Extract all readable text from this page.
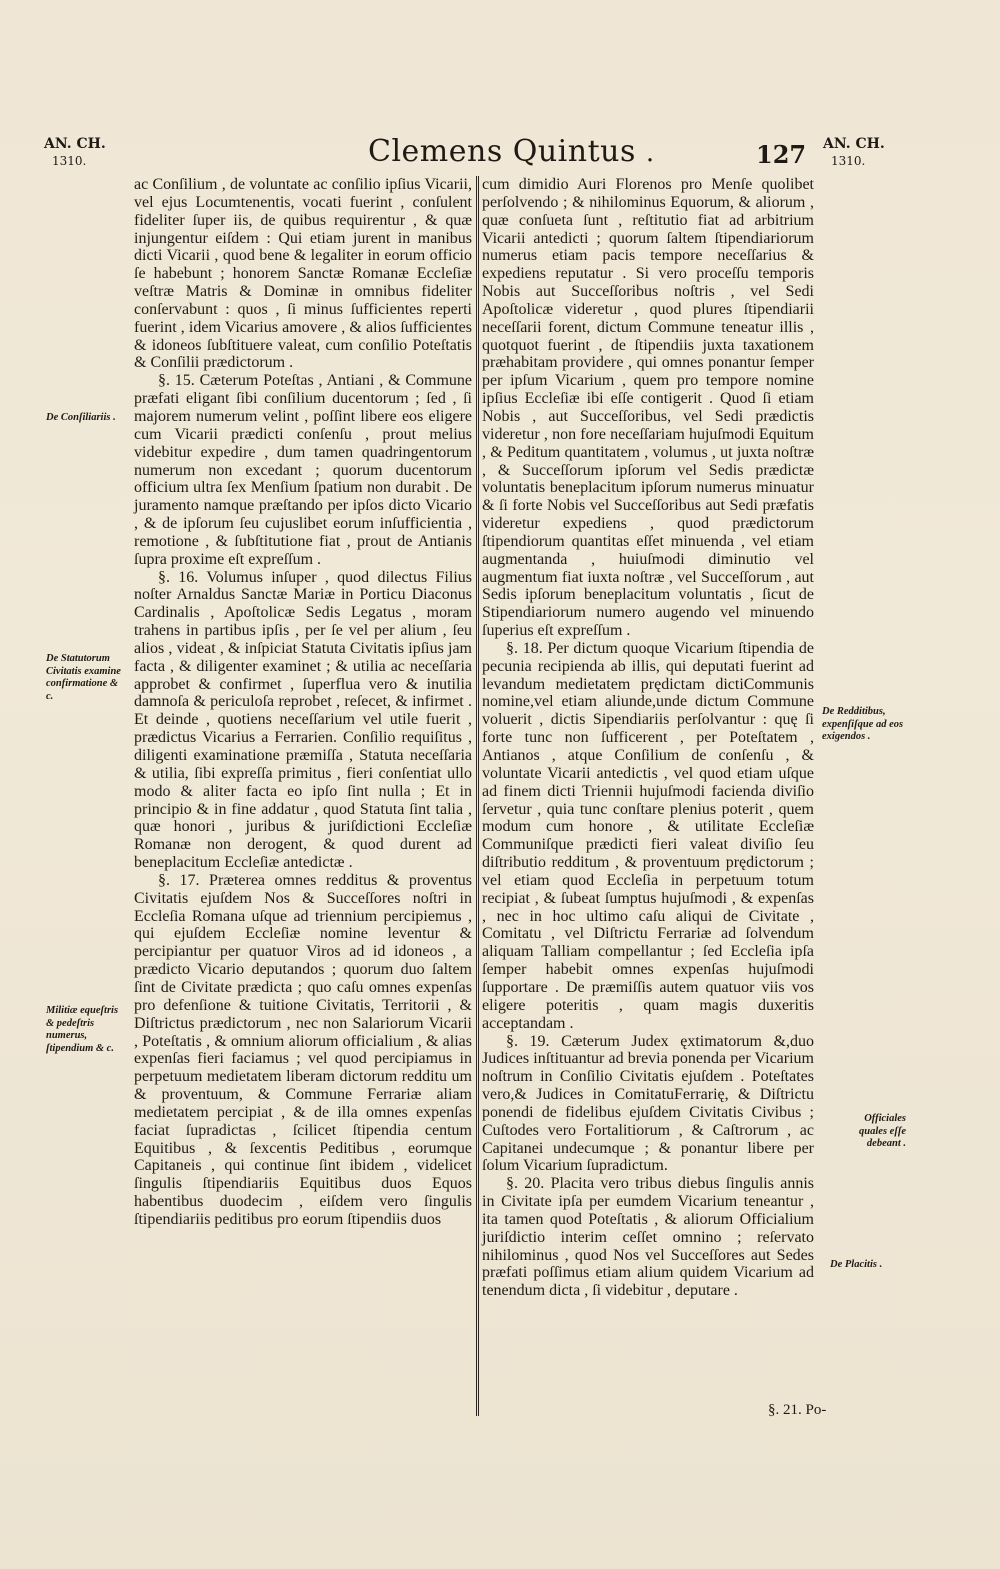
AN. CH.
1310.	Clemens Quintus .	127 AN. CH.
1310.
De Conſiliariis .
De Statutorum Civitatis examine confirmatione & c.
Militiæ equeſtris & pedeſtris numerus, ſtipendium & c.

ac Conſilium , de voluntate ac conſilio ipſius Vicarii, vel ejus Locumtenentis, vocati fuerint , conſulent fideliter ſuper iis, de quibus requirentur , & quæ injungentur eiſdem : Qui etiam jurent in manibus dicti Vicarii , quod bene & legaliter in eorum officio ſe habebunt ; honorem Sanctæ Romanæ Eccleſiæ veſtræ Matris & Dominæ in omnibus fideliter conſervabunt : quos , ſi minus ſufficientes reperti fuerint , idem Vicarius amovere , & alios ſufficientes & idoneos ſubſtituere valeat, cum conſilio Poteſtatis & Conſilii prædictorum .

§. 15. Cæterum Poteſtas , Antiani , & Commune præfati eligant ſibi conſilium ducentorum ; ſed , ſi majorem numerum velint , poſſint libere eos eligere cum Vicarii prædicti conſenſu , prout melius videbitur expedire , dum tamen quadringentorum numerum non excedant ; quorum ducentorum officium ultra ſex Menſium ſpatium non durabit . De juramento namque præſtando per ipſos dicto Vicario , & de ipſorum ſeu cujuslibet eorum inſufficientia , remotione , & ſubſtitutione fiat , prout de Antianis ſupra proxime eſt expreſſum .

§. 16. Volumus inſuper , quod dilectus Filius noſter Arnaldus Sanctæ Mariæ in Porticu Diaconus Cardinalis , Apoſtolicæ Sedis Legatus , moram trahens in partibus ipſis , per ſe vel per alium , ſeu alios , videat , & inſpiciat Statuta Civitatis ipſius jam facta , & diligenter examinet ; & utilia ac neceſſaria approbet & confirmet , ſuperflua vero & inutilia damnoſa & periculoſa reprobet , reſecet, & infirmet . Et deinde , quotiens neceſſarium vel utile fuerit , prædictus Vicarius a Ferrarien. Conſilio requiſitus , diligenti examinatione præmiſſa , Statuta neceſſaria & utilia, ſibi expreſſa primitus , fieri conſentiat ullo modo & aliter facta eo ipſo ſint nulla ; Et in principio & in fine addatur , quod Statuta ſint talia , quæ honori , juribus & juriſdictioni Eccleſiæ Romanæ non derogent, & quod durent ad beneplacitum Eccleſiæ antedictæ .

§. 17. Præterea omnes redditus & proventus Civitatis ejuſdem Nos & Succeſſores noſtri in Eccleſia Romana uſque ad triennium percipiemus , qui ejuſdem Eccleſiæ nomine leventur & percipiantur per quatuor Viros ad id idoneos , a prædicto Vicario deputandos ; quorum duo ſaltem ſint de Civitate prædicta ; quo caſu omnes expenſas pro defenſione & tuitione Civitatis, Territorii , & Diſtrictus prædictorum , nec non Salariorum Vicarii , Poteſtatis , & omnium aliorum officialium , & alias expenſas fieri faciamus ; vel quod percipiamus in perpetuum medietatem liberam dictorum redditu um & proventuum, & Commune Ferrariæ aliam medietatem percipiat , & de illa omnes expenſas faciat ſupradictas , ſcilicet ſtipendia centum Equitibus , & ſexcentis Peditibus , eorumque Capitaneis , qui continue ſint ibidem , videlicet ſingulis ſtipendiariis Equitibus duos Equos habentibus duodecim , eiſdem vero ſingulis ſtipendiariis peditibus pro eorum ſtipendiis duos

cum dimidio Auri Florenos pro Menſe quolibet perſolvendo ; & nihilominus Equorum, & aliorum , quæ conſueta ſunt , reſtitutio fiat ad arbitrium Vicarii antedicti ; quorum ſaltem ſtipendiariorum numerus etiam pacis tempore neceſſarius & expediens reputatur . Si vero proceſſu temporis Nobis aut Succeſſoribus noſtris , vel Sedi Apoſtolicæ videretur , quod plures ſtipendiarii neceſſarii forent, dictum Commune teneatur illis , quotquot fuerint , de ſtipendiis juxta taxationem præhabitam providere , qui omnes ponantur ſemper per ipſum Vicarium , quem pro tempore nomine ipſius Eccleſiæ ibi eſſe contigerit . Quod ſi etiam Nobis , aut Succeſſoribus, vel Sedi prædictis videretur , non fore neceſſariam hujuſmodi Equitum , & Peditum quantitatem , volumus , ut juxta noſtræ , & Succeſſorum ipſorum vel Sedis prædictæ voluntatis beneplacitum ipſorum numerus minuatur & ſi forte Nobis vel Succeſſoribus aut Sedi præfatis videretur expediens , quod prædictorum ſtipendiorum quantitas eſſet minuenda , vel etiam augmentanda , huiuſmodi diminutio vel augmentum fiat iuxta noſtræ , vel Succeſſorum , aut Sedis ipſorum beneplacitum voluntatis , ſicut de Stipendiariorum numero augendo vel minuendo ſuperius eſt expreſſum .

§. 18. Per dictum quoque Vicarium ſtipendia de pecunia recipienda ab illis, qui deputati fuerint ad levandum medietatem prędictam dictiCommunis nomine,vel etiam aliunde,unde dictum Commune voluerit , dictis Sipendiariis perſolvantur : quę ſi forte tunc non ſufficerent , per Poteſtatem , Antianos , atque Conſilium de conſenſu , & voluntate Vicarii antedictis , vel quod etiam uſque ad finem dicti Triennii hujuſmodi facienda diviſio ſervetur , quia tunc conſtare plenius poterit , quem modum cum honore , & utilitate Eccleſiæ Communiſque prædicti fieri valeat diviſio ſeu diſtributio redditum , & proventuum prędictorum ; vel etiam quod Eccleſia in perpetuum totum recipiat , & ſubeat ſumptus hujuſmodi , & expenſas , nec in hoc ultimo caſu aliqui de Civitate , Comitatu , vel Diſtrictu Ferrariæ ad ſolvendum aliquam Talliam compellantur ; ſed Eccleſia ipſa ſemper habebit omnes expenſas hujuſmodi ſupportare . De præmiſſis autem quatuor viis vos eligere poteritis , quam magis duxeritis acceptandam .

§. 19. Cæterum Judex ęxtimatorum &,duo Judices inſtituantur ad brevia ponenda per Vicarium noſtrum in Conſilio Civitatis ejuſdem . Poteſtates vero,& Judices in ComitatuFerrarię, & Diſtrictu ponendi de fidelibus ejuſdem Civitatis Civibus ; Cuſtodes vero Fortalitiorum , & Caſtrorum , ac Capitanei undecumque ; & ponantur libere per ſolum Vicarium ſupradictum.

§. 20. Placita vero tribus diebus ſingulis annis in Civitate ipſa per eumdem Vicarium teneantur , ita tamen quod Poteſtatis , & aliorum Officialium juriſdictio interim ceſſet omnino ; reſervato nihilominus , quod Nos vel Succeſſores aut Sedes præfati poſſimus etiam alium quidem Vicarium ad tenendum dicta , ſi videbitur , deputare .

De Redditibus, expenſiſque ad eos exigendos .
Officiales quales eſſe debeant .
De Placitis .
§. 21. Po-
